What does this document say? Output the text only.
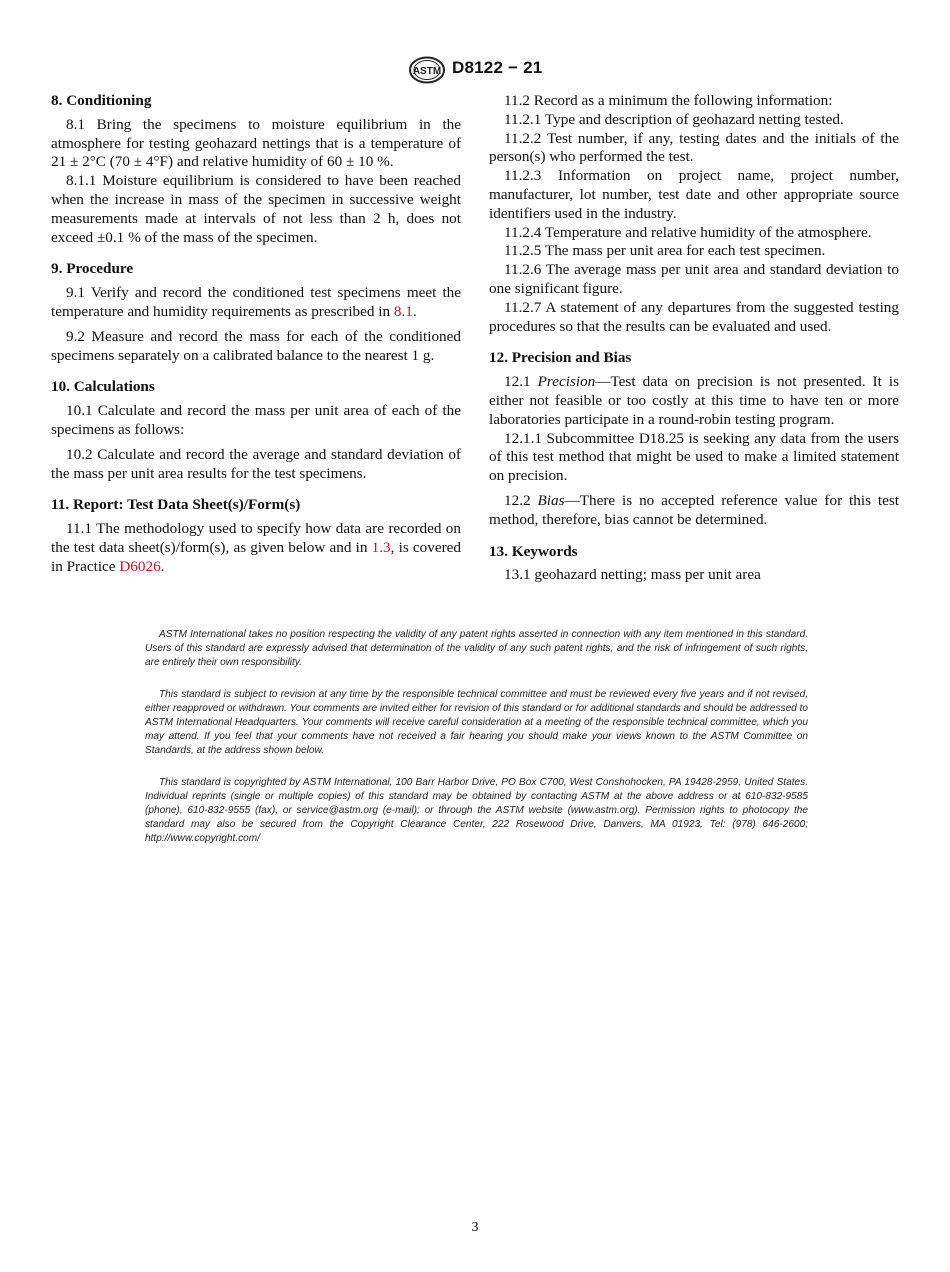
ASTM D8122 − 21
8. Conditioning
8.1 Bring the specimens to moisture equilibrium in the atmosphere for testing geohazard nettings that is a temperature of 21 ± 2°C (70 ± 4°F) and relative humidity of 60 ± 10 %.
8.1.1 Moisture equilibrium is considered to have been reached when the increase in mass of the specimen in successive weight measurements made at intervals of not less than 2 h, does not exceed ±0.1 % of the mass of the specimen.
9. Procedure
9.1 Verify and record the conditioned test specimens meet the temperature and humidity requirements as prescribed in 8.1.
9.2 Measure and record the mass for each of the conditioned specimens separately on a calibrated balance to the nearest 1 g.
10. Calculations
10.1 Calculate and record the mass per unit area of each of the specimens as follows:
10.2 Calculate and record the average and standard deviation of the mass per unit area results for the test specimens.
11. Report: Test Data Sheet(s)/Form(s)
11.1 The methodology used to specify how data are recorded on the test data sheet(s)/form(s), as given below and in 1.3, is covered in Practice D6026.
11.2 Record as a minimum the following information:
11.2.1 Type and description of geohazard netting tested.
11.2.2 Test number, if any, testing dates and the initials of the person(s) who performed the test.
11.2.3 Information on project name, project number, manufacturer, lot number, test date and other appropriate source identifiers used in the industry.
11.2.4 Temperature and relative humidity of the atmosphere.
11.2.5 The mass per unit area for each test specimen.
11.2.6 The average mass per unit area and standard deviation to one significant figure.
11.2.7 A statement of any departures from the suggested testing procedures so that the results can be evaluated and used.
12. Precision and Bias
12.1 Precision—Test data on precision is not presented. It is either not feasible or too costly at this time to have ten or more laboratories participate in a round-robin testing program.
12.1.1 Subcommittee D18.25 is seeking any data from the users of this test method that might be used to make a limited statement on precision.
12.2 Bias—There is no accepted reference value for this test method, therefore, bias cannot be determined.
13. Keywords
13.1 geohazard netting; mass per unit area

ASTM International takes no position respecting the validity of any patent rights asserted in connection with any item mentioned in this standard. Users of this standard are expressly advised that determination of the validity of any such patent rights, and the risk of infringement of such rights, are entirely their own responsibility.

This standard is subject to revision at any time by the responsible technical committee and must be reviewed every five years and if not revised, either reapproved or withdrawn. Your comments are invited either for revision of this standard or for additional standards and should be addressed to ASTM International Headquarters. Your comments will receive careful consideration at a meeting of the responsible technical committee, which you may attend. If you feel that your comments have not received a fair hearing you should make your views known to the ASTM Committee on Standards, at the address shown below.

This standard is copyrighted by ASTM International, 100 Barr Harbor Drive, PO Box C700, West Conshohocken, PA 19428-2959, United States. Individual reprints (single or multiple copies) of this standard may be obtained by contacting ASTM at the above address or at 610-832-9585 (phone), 610-832-9555 (fax), or service@astm.org (e-mail); or through the ASTM website (www.astm.org). Permission rights to photocopy the standard may also be secured from the Copyright Clearance Center, 222 Rosewood Drive, Danvers, MA 01923, Tel: (978) 646-2600; http://www.copyright.com/

3
